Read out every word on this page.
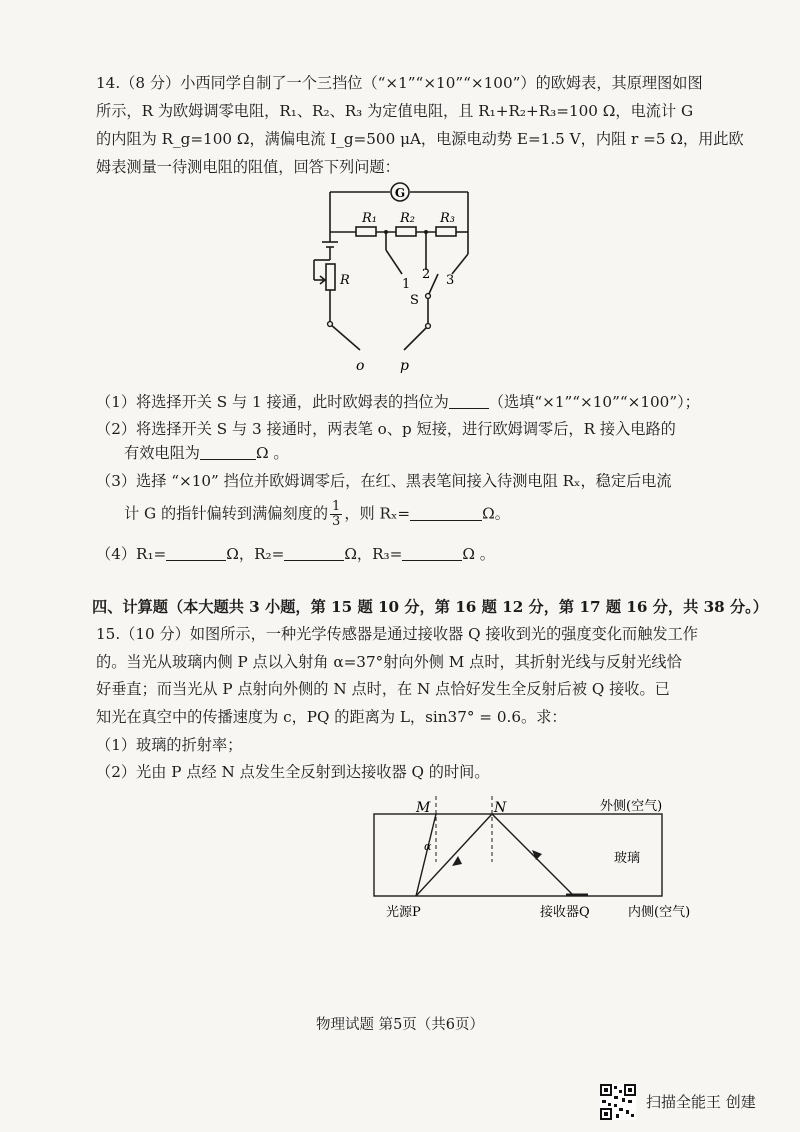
14.（8 分）小西同学自制了一个三挡位（“×1”“×10”“×100”）的欧姆表，其原理图如图
所示，R 为欧姆调零电阻，R₁、R₂、R₃ 为定值电阻，且 R₁+R₂+R₃=100 Ω，电流计 G
的内阻为 R_g=100 Ω，满偏电流 I_g=500 μA，电源电动势 E=1.5 V，内阻 r =5 Ω，用此欧
姆表测量一待测电阻的阻值，回答下列问题：
G
R₁ R₂ R₃
R	1
2 3
S
o	p
（1）将选择开关 S 与 1 接通，此时欧姆表的挡位为	（选填“×1”“×10”“×100”）；
（2）将选择开关 S 与 3 接通时，两表笔 o、p 短接，进行欧姆调零后，R 接入电路的
有效电阻为	Ω 。
（3）选择 “×10” 挡位并欧姆调零后，在红、黑表笔间接入待测电阻 Rₓ，稳定后电流
计 G 的指针偏转到满偏刻度的 $\frac{1}{3}$ ，则 Rₓ=	Ω。
（4）R₁=	Ω，R₂=	Ω，R₃=	Ω 。
四、计算题（本大题共 3 小题，第 15 题 10 分，第 16 题 12 分，第 17 题 16 分，共 38 分。）
15.（10 分）如图所示，一种光学传感器是通过接收器 Q 接收到光的强度变化而触发工作
的。当光从玻璃内侧 P 点以入射角 α=37°射向外侧 M 点时，其折射光线与反射光线恰
好垂直；而当光从 P 点射向外侧的 N 点时，在 N 点恰好发生全反射后被 Q 接收。已
知光在真空中的传播速度为 c，PQ 的距离为 L，sin37° = 0.6。求：
（1）玻璃的折射率；
（2）光由 P 点经 N 点发生全反射到达接收器 Q 的时间。
M	N
α
外侧(空气)
玻璃
光源P	接收器Q	内侧(空气)
物理试题 第5页（共6页）
扫描全能王 创建
